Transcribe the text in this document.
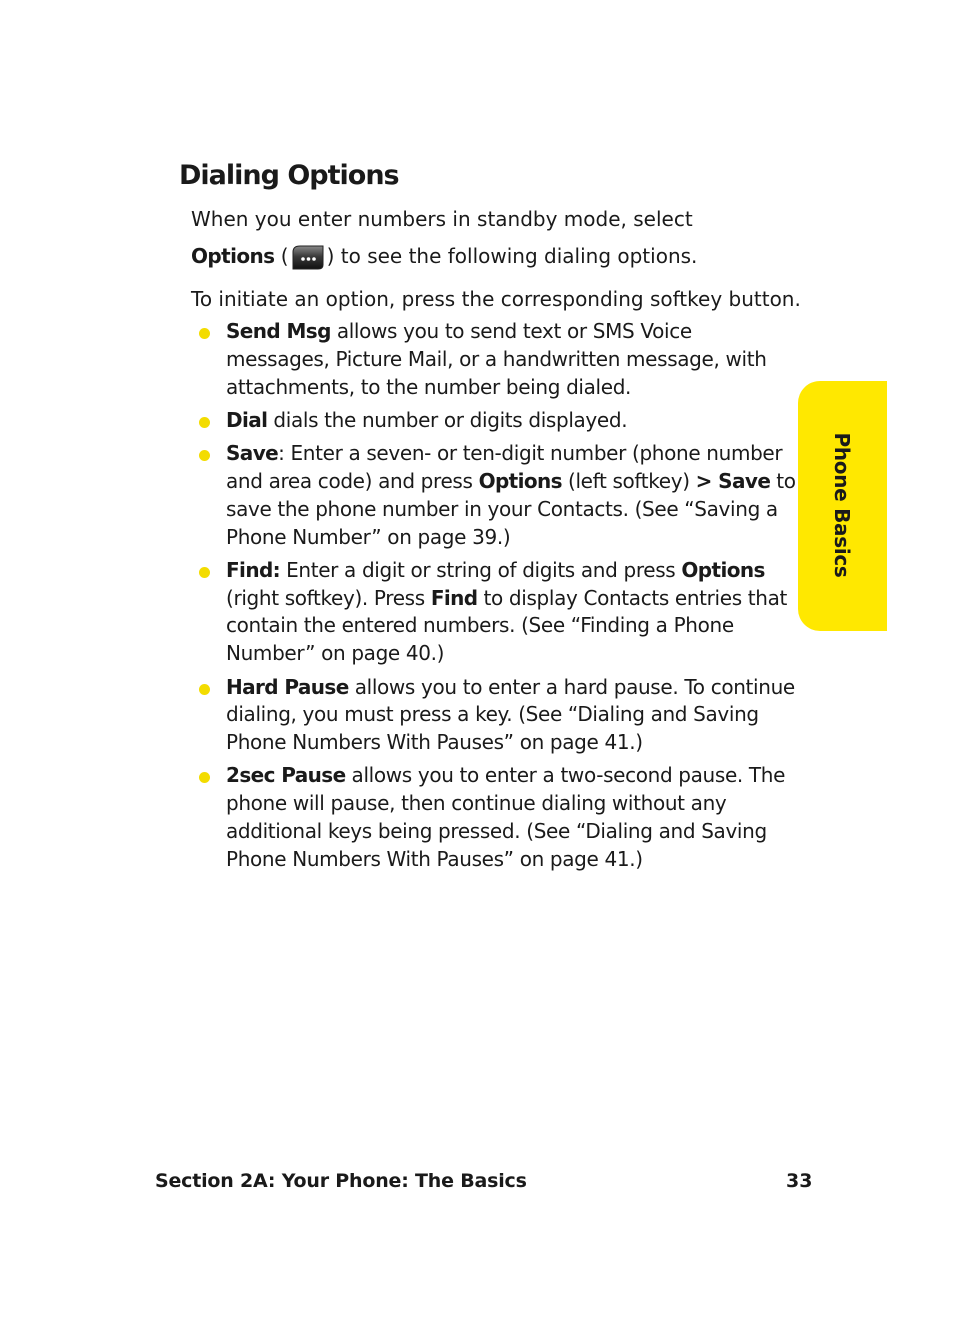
Dialing Options

When you enter numbers in standby mode, select

Options ( ) to see the following dialing options.

To initiate an option, press the corresponding softkey button.

Send Msg allows you to send text or SMS Voice messages, Picture Mail, or a handwritten message, with attachments, to the number being dialed.
Dial dials the number or digits displayed.
Save: Enter a seven- or ten-digit number (phone number and area code) and press Options (left softkey) > Save to save the phone number in your Contacts. (See “Saving a Phone Number” on page 39.)
Find: Enter a digit or string of digits and press Options (right softkey). Press Find to display Contacts entries that contain the entered numbers. (See “Finding a Phone Number” on page 40.)
Hard Pause allows you to enter a hard pause. To continue dialing, you must press a key. (See “Dialing and Saving Phone Numbers With Pauses” on page 41.)
2sec Pause allows you to enter a two-second pause. The phone will pause, then continue dialing without any additional keys being pressed. (See “Dialing and Saving Phone Numbers With Pauses” on page 41.)
Phone Basics
Section 2A: Your Phone: The Basics	33
